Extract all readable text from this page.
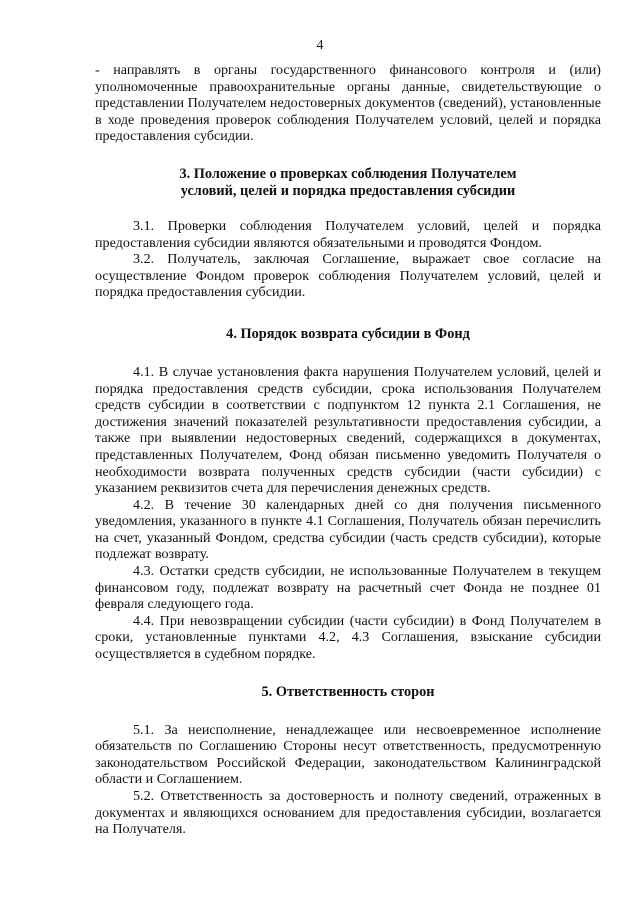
4

- направлять в органы государственного финансового контроля и (или) уполномоченные правоохранительные органы данные, свидетельствующие о представлении Получателем недостоверных документов (сведений), установленные в ходе проведения проверок соблюдения Получателем условий, целей и порядка предоставления субсидии.

3. Положение о проверках соблюдения Получателем
условий, целей и порядка предоставления субсидии

3.1. Проверки соблюдения Получателем условий, целей и порядка предоставления субсидии являются обязательными и проводятся Фондом.

3.2. Получатель, заключая Соглашение, выражает свое согласие на осуществление Фондом проверок соблюдения Получателем условий, целей и порядка предоставления субсидии.

4. Порядок возврата субсидии в Фонд

4.1. В случае установления факта нарушения Получателем условий, целей и порядка предоставления средств субсидии, срока использования Получателем средств субсидии в соответствии с подпунктом 12 пункта 2.1 Соглашения, не достижения значений показателей результативности предоставления субсидии, а также при выявлении недостоверных сведений, содержащихся в документах, представленных Получателем, Фонд обязан письменно уведомить Получателя о необходимости возврата полученных средств субсидии (части субсидии) с указанием реквизитов счета для перечисления денежных средств.

4.2. В течение 30 календарных дней со дня получения письменного уведомления, указанного в пункте 4.1 Соглашения, Получатель обязан перечислить на счет, указанный Фондом, средства субсидии (часть средств субсидии), которые подлежат возврату.

4.3. Остатки средств субсидии, не использованные Получателем в текущем финансовом году, подлежат возврату на расчетный счет Фонда не позднее 01 февраля следующего года.

4.4. При невозвращении субсидии (части субсидии) в Фонд Получателем в сроки, установленные пунктами 4.2, 4.3 Соглашения, взыскание субсидии осуществляется в судебном порядке.

5. Ответственность сторон

5.1. За неисполнение, ненадлежащее или несвоевременное исполнение обязательств по Соглашению Стороны несут ответственность, предусмотренную законодательством Российской Федерации, законодательством Калининградской области и Соглашением.

5.2. Ответственность за достоверность и полноту сведений, отраженных в документах и являющихся основанием для предоставления субсидии, возлагается на Получателя.
